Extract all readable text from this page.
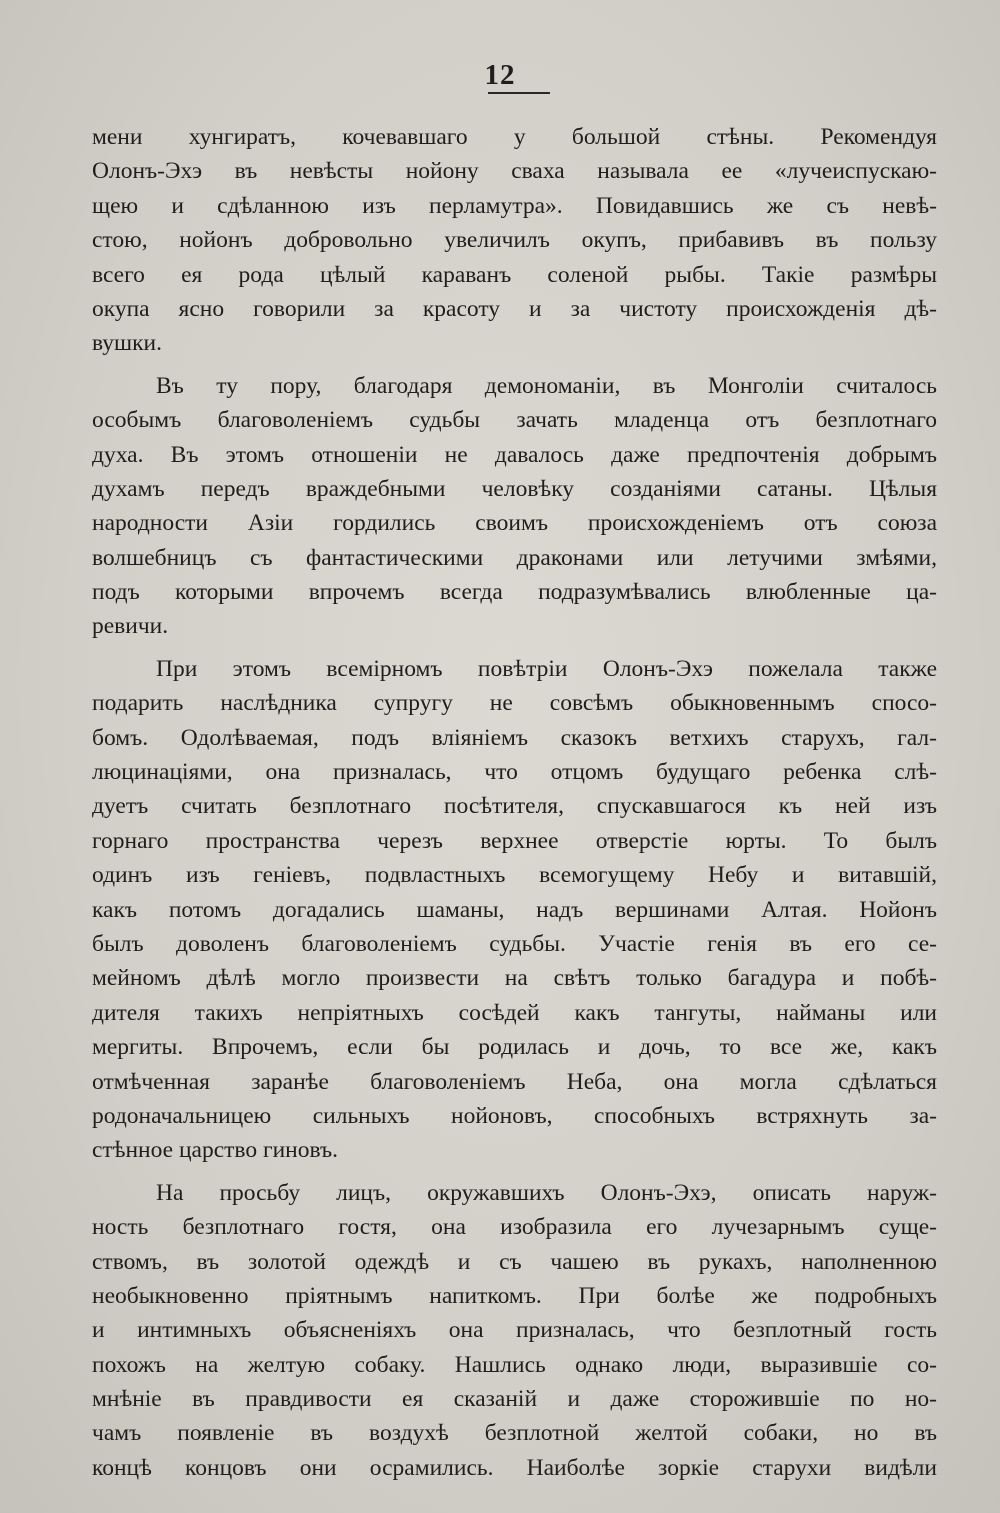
12
мени хунгиратъ, кочевавшаго у большой стѣны. Рекомендуя
Олонъ-Эхэ въ невѣсты нойону сваха называла ее «лучеиспускаю-
щею и сдѣланною изъ перламутра». Повидавшись же съ невѣ-
стою, нойонъ добровольно увеличилъ окупъ, прибавивъ въ пользу
всего ея рода цѣлый караванъ соленой рыбы. Такіе размѣры
окупа ясно говорили за красоту и за чистоту происхожденія дѣ-
вушки.
Въ ту пору, благодаря демономаніи, въ Монголіи считалось
особымъ благоволеніемъ судьбы зачать младенца отъ безплотнаго
духа. Въ этомъ отношеніи не давалось даже предпочтенія добрымъ
духамъ передъ враждебными человѣку созданіями сатаны. Цѣлыя
народности Азіи гордились своимъ происхожденіемъ отъ союза
волшебницъ съ фантастическими драконами или летучими змѣями,
подъ которыми впрочемъ всегда подразумѣвались влюбленные ца-
ревичи.
При этомъ всемірномъ повѣтріи Олонъ-Эхэ пожелала также
подарить наслѣдника супругу не совсѣмъ обыкновеннымъ спосо-
бомъ. Одолѣваемая, подъ вліяніемъ сказокъ ветхихъ старухъ, гал-
люцинаціями, она призналась, что отцомъ будущаго ребенка слѣ-
дуетъ считать безплотнаго посѣтителя, спускавшагося къ ней изъ
горнаго пространства черезъ верхнее отверстіе юрты. То былъ
одинъ изъ геніевъ, подвластныхъ всемогущему Небу и витавшій,
какъ потомъ догадались шаманы, надъ вершинами Алтая. Нойонъ
былъ доволенъ благоволеніемъ судьбы. Участіе генія въ его се-
мейномъ дѣлѣ могло произвести на свѣтъ только багадура и побѣ-
дителя такихъ непріятныхъ сосѣдей какъ тангуты, найманы или
мергиты. Впрочемъ, если бы родилась и дочь, то все же, какъ
отмѣченная заранѣе благоволеніемъ Неба, она могла сдѣлаться
родоначальницею сильныхъ нойоновъ, способныхъ встряхнуть за-
стѣнное царство гиновъ.
На просьбу лицъ, окружавшихъ Олонъ-Эхэ, описать наруж-
ность безплотнаго гостя, она изобразила его лучезарнымъ суще-
ствомъ, въ золотой одеждѣ и съ чашею въ рукахъ, наполненною
необыкновенно пріятнымъ напиткомъ. При болѣе же подробныхъ
и интимныхъ объясненіяхъ она призналась, что безплотный гость
похожъ на желтую собаку. Нашлись однако люди, выразившіе со-
мнѣніе въ правдивости ея сказаній и даже сторожившіе по но-
чамъ появленіе въ воздухѣ безплотной желтой собаки, но въ
концѣ концовъ они осрамились. Наиболѣе зоркіе старухи видѣли
